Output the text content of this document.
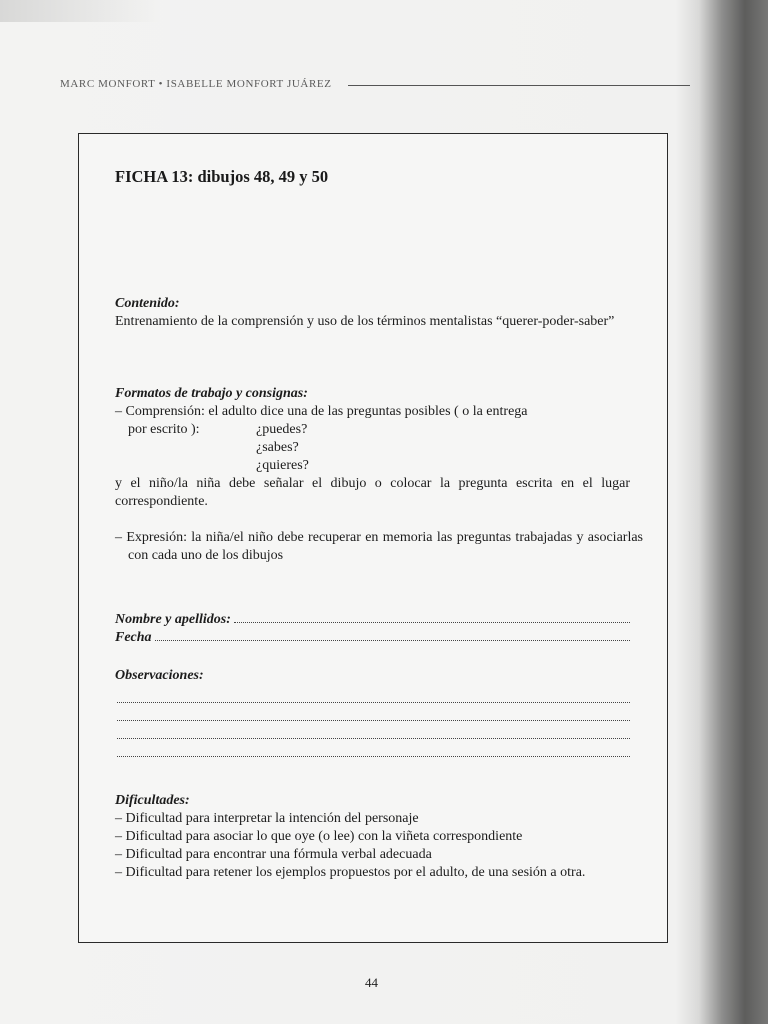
MARC MONFORT • ISABELLE MONFORT JUÁREZ
FICHA 13: dibujos 48, 49 y 50
Contenido:
Entrenamiento de la comprensión y uso de los términos mentalistas “querer-poder-saber”
Formatos de trabajo y consignas:
– Comprensión: el adulto dice una de las preguntas posibles ( o la entrega
por escrito ):	¿puedes?
¿sabes?
¿quieres?
y el niño/la niña debe señalar el dibujo o colocar la pregunta escrita en el lugar correspondiente.
– Expresión: la niña/el niño debe recuperar en memoria las preguntas trabajadas y asociarlas con cada uno de los dibujos
Nombre y apellidos:
Fecha
Observaciones:
Dificultades:
– Dificultad para interpretar la intención del personaje
– Dificultad para asociar lo que oye (o lee) con la viñeta correspondiente
– Dificultad para encontrar una fórmula verbal adecuada
– Dificultad para retener los ejemplos propuestos por el adulto, de una sesión a otra.
44
